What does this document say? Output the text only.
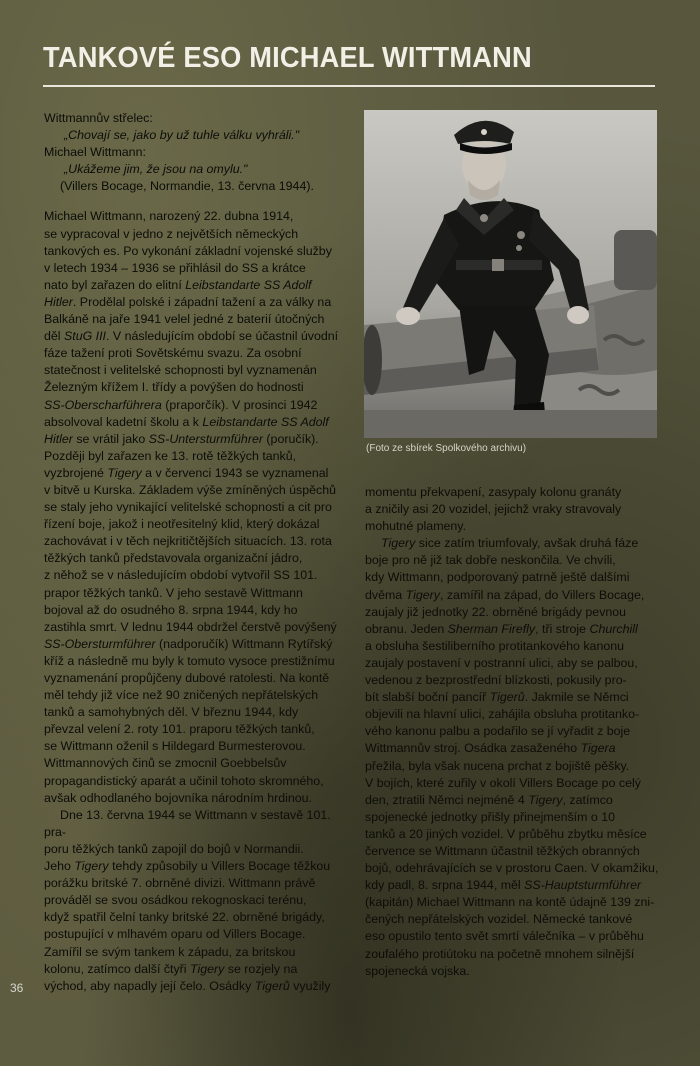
TANKOVÉ ESO MICHAEL WITTMANN

Wittmannův střelec:

„Chovají se, jako by už tuhle válku vyhráli."

Michael Wittmann:

„Ukážeme jim, že jsou na omylu."

(Villers Bocage, Normandie, 13. června 1944).

Michael Wittmann, narozený 22. dubna 1914,
se vypracoval v jedno z největších německých
tankových es. Po vykonání základní vojenské služby
v letech 1934 – 1936 se přihlásil do SS a krátce
nato byl zařazen do elitní Leibstandarte SS Adolf
Hitler. Prodělal polské i západní tažení a za války na
Balkáně na jaře 1941 velel jedné z baterií útočných
děl StuG III. V následujícím období se účastnil úvodní
fáze tažení proti Sovětskému svazu. Za osobní
statečnost i velitelské schopnosti byl vyznamenán
Železným křížem I. třídy a povýšen do hodnosti
SS-Oberscharführera (praporčík). V prosinci 1942
absolvoval kadetní školu a k Leibstandarte SS Adolf
Hitler se vrátil jako SS-Untersturmführer (poručík).
Později byl zařazen ke 13. rotě těžkých tanků,
vyzbrojené Tigery a v červenci 1943 se vyznamenal
v bitvě u Kurska. Základem výše zmíněných úspěchů
se staly jeho vynikající velitelské schopnosti a cit pro
řízení boje, jakož i neotřesitelný klid, který dokázal
zachovávat i v těch nejkritičtějších situacích. 13. rota
těžkých tanků představovala organizační jádro,
z něhož se v následujícím období vytvořil SS 101.
prapor těžkých tanků. V jeho sestavě Wittmann
bojoval až do osudného 8. srpna 1944, kdy ho
zastihla smrt. V lednu 1944 obdržel čerstvě povýšený
SS-Obersturmführer (nadporučík) Wittmann Rytířský
kříž a následně mu byly k tomuto vysoce prestižnímu
vyznamenání propůjčeny dubové ratolesti. Na kontě
měl tehdy již více než 90 zničených nepřátelských
tanků a samohybných děl. V březnu 1944, kdy
převzal velení 2. roty 101. praporu těžkých tanků,
se Wittmann oženil s Hildegard Burmesterovou.
Wittmannových činů se zmocnil Goebbelsův
propagandistický aparát a učinil tohoto skromného,
avšak odhodlaného bojovníka národním hrdinou.

Dne 13. června 1944 se Wittmann v sestavě 101. pra-
poru těžkých tanků zapojil do bojů v Normandii.
Jeho Tigery tehdy způsobily u Villers Bocage těžkou
porážku britské 7. obrněné divizi. Wittmann právě
prováděl se svou osádkou rekognoskaci terénu,
když spatřil čelní tanky britské 22. obrněné brigády,
postupující v mlhavém oparu od Villers Bocage.
Zamířil se svým tankem k západu, za britskou
kolonu, zatímco další čtyři Tigery se rozjely na
východ, aby napadly její čelo. Osádky Tigerů využily

(Foto ze sbírek Spolkového archivu)

momentu překvapení, zasypaly kolonu granáty
a zničily asi 20 vozidel, jejichž vraky stravovaly
mohutné plameny.

Tigery sice zatím triumfovaly, avšak druhá fáze
boje pro ně již tak dobře neskončila. Ve chvíli,
kdy Wittmann, podporovaný patrně ještě dalšími
dvěma Tigery, zamířil na západ, do Villers Bocage,
zaujaly již jednotky 22. obrněné brigády pevnou
obranu. Jeden Sherman Firefly, tři stroje Churchill
a obsluha šestiliberního protitankového kanonu
zaujaly postavení v postranní ulici, aby se palbou,
vedenou z bezprostřední blízkosti, pokusily pro-
bít slabší boční pancíř Tigerů. Jakmile se Němci
objevili na hlavní ulici, zahájila obsluha protitanko-
vého kanonu palbu a podařilo se jí vyřadit z boje
Wittmannův stroj. Osádka zasaženého Tigera
přežila, byla však nucena prchat z bojiště pěšky.
V bojích, které zuřily v okolí Villers Bocage po celý
den, ztratili Němci nejméně 4 Tigery, zatímco
spojenecké jednotky přišly přinejmenším o 10
tanků a 20 jiných vozidel. V průběhu zbytku měsíce
července se Wittmann účastnil těžkých obranných
bojů, odehrávajících se v prostoru Caen. V okamžiku,
kdy padl, 8. srpna 1944, měl SS-Hauptsturmführer
(kapitán) Michael Wittmann na kontě údajně 139 zni-
čených nepřátelských vozidel. Německé tankové
eso opustilo tento svět smrtí válečníka – v průběhu
zoufalého protiútoku na početně mnohem silnější
spojenecká vojska.

36
